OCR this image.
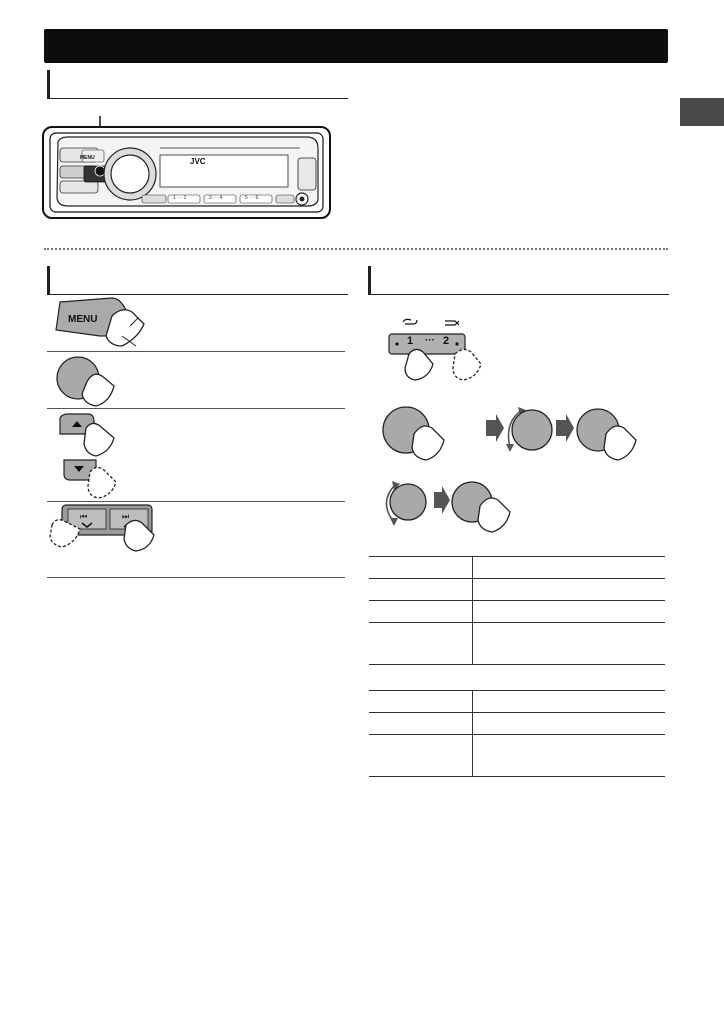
JVC
MENU
1 ··· 2	3 ··· 4	5 ··· 6
MENU
⏮	⏭
1 ··· 2
